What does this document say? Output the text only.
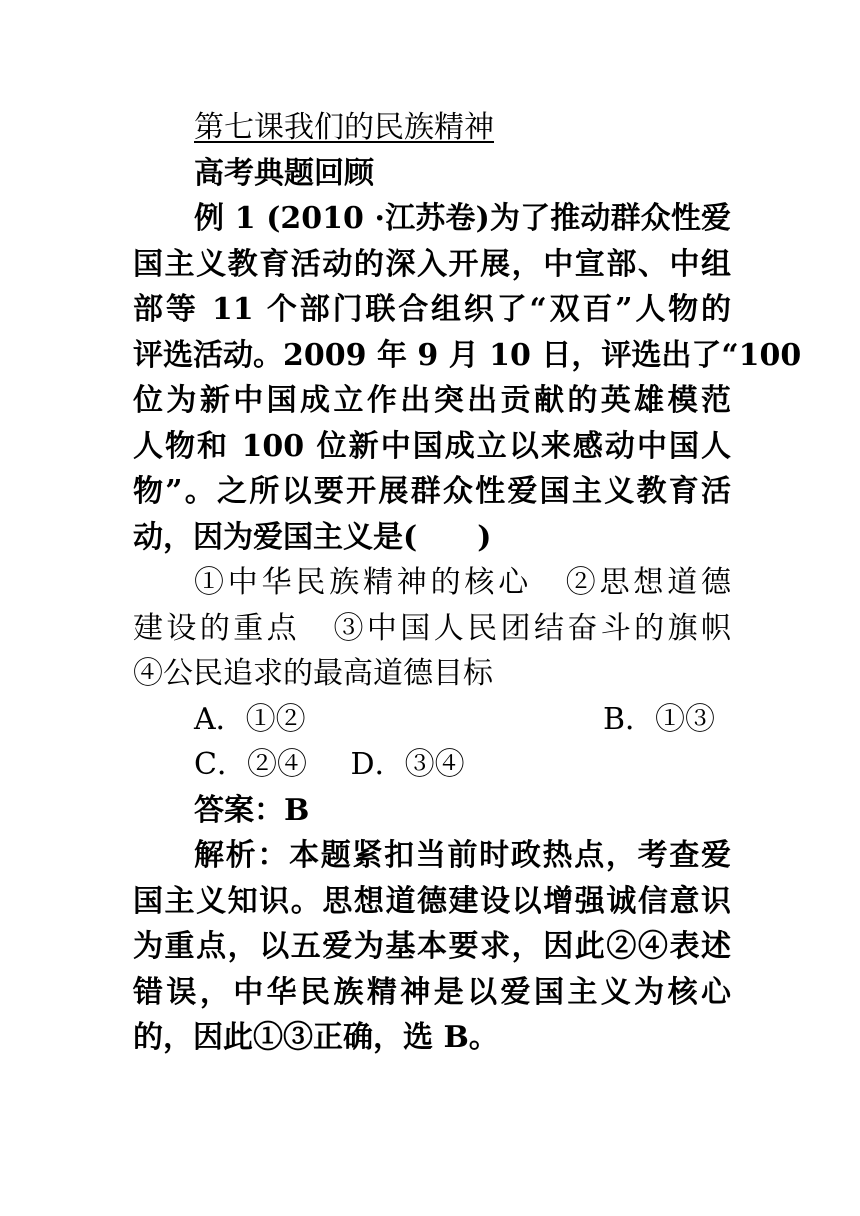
第七课我们的民族精神
高考典题回顾
例 1 (2010 ·江苏卷)为了推动群众性爱
国主义教育活动的深入开展，中宣部、中组
部等 11 个部门联合组织了“双百”人物的
评选活动。2009 年 9 月 10 日，评选出了“100
位为新中国成立作出突出贡献的英雄模范
人物和 100 位新中国成立以来感动中国人
物”。之所以要开展群众性爱国主义教育活
动，因为爱国主义是(　　)
①中华民族精神的核心　②思想道德
建设的重点　③中国人民团结奋斗的旗帜
④公民追求的最高道德目标
A．①②	B．①③
C．②④ D．③④
答案：B
解析：本题紧扣当前时政热点，考查爱
国主义知识。思想道德建设以增强诚信意识
为重点，以五爱为基本要求，因此②④表述
错误，中华民族精神是以爱国主义为核心
的，因此①③正确，选 B。
